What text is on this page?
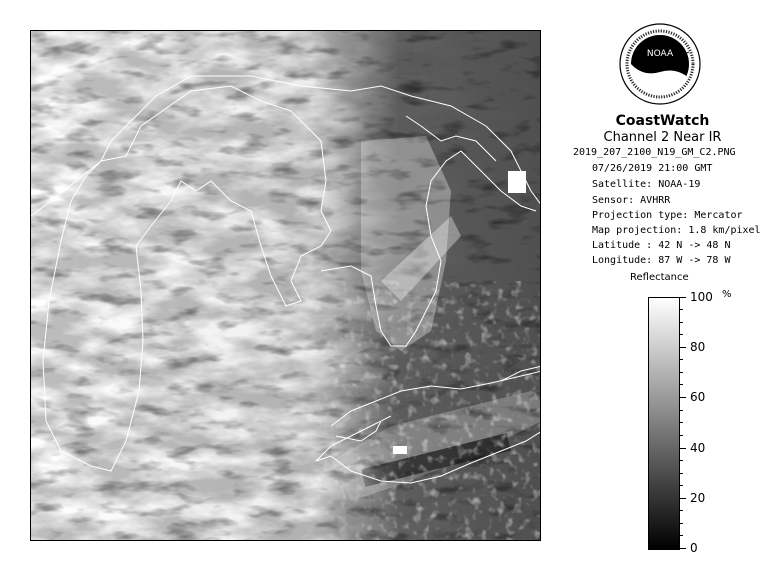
NOAA
CoastWatch
Channel 2 Near IR
2019_207_2100_N19_GM_C2.PNG
07/26/2019 21:00 GMT
Satellite: NOAA-19
Sensor: AVHRR
Projection type: Mercator
Map projection: 1.8 km/pixel
Latitude : 42 N -> 48 N
Longitude: 87 W -> 78 W
Reflectance
%
100
80
60
40
20
0
